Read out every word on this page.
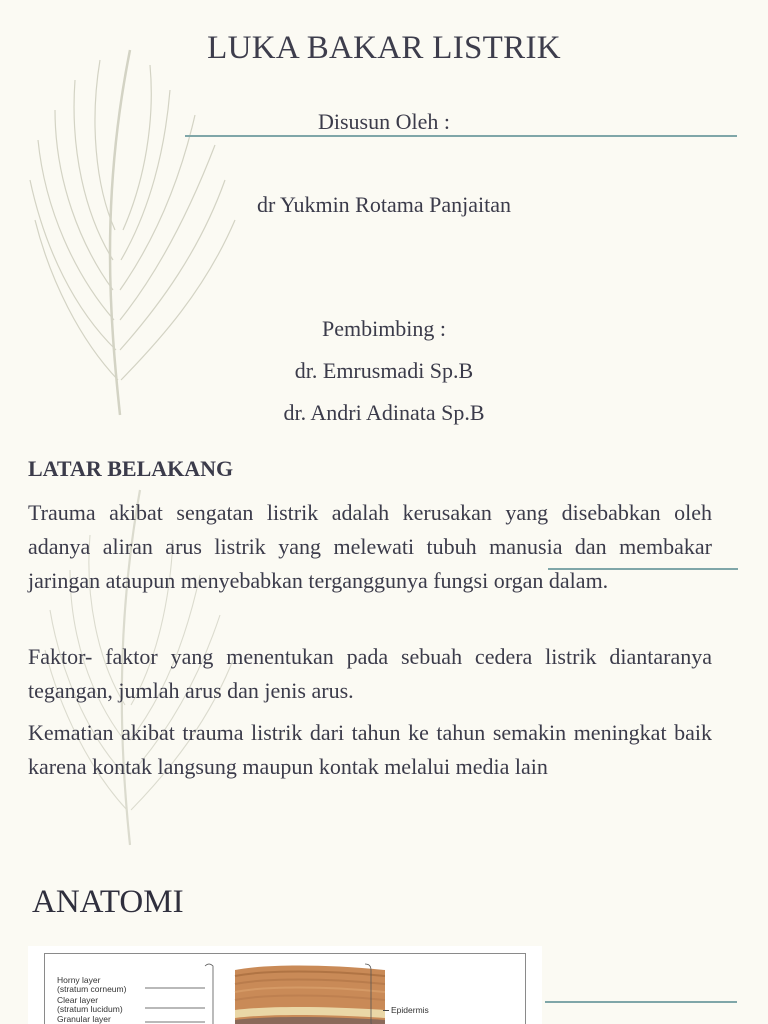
LUKA BAKAR LISTRIK
Disusun Oleh :
dr Yukmin Rotama Panjaitan
Pembimbing :
dr. Emrusmadi Sp.B
dr. Andri Adinata Sp.B
LATAR BELAKANG

Trauma akibat sengatan listrik adalah kerusakan yang disebabkan oleh adanya aliran arus listrik yang melewati tubuh manusia dan membakar jaringan ataupun menyebabkan terganggunya fungsi organ dalam.

Faktor- faktor yang menentukan pada sebuah cedera listrik diantaranya tegangan, jumlah arus dan jenis arus.

Kematian akibat trauma listrik dari tahun ke tahun semakin meningkat baik karena kontak langsung maupun kontak melalui media lain

ANATOMI
Horny layer
(stratum corneum)
Clear layer
(stratum lucidum)
Granular layer
Epidermis
